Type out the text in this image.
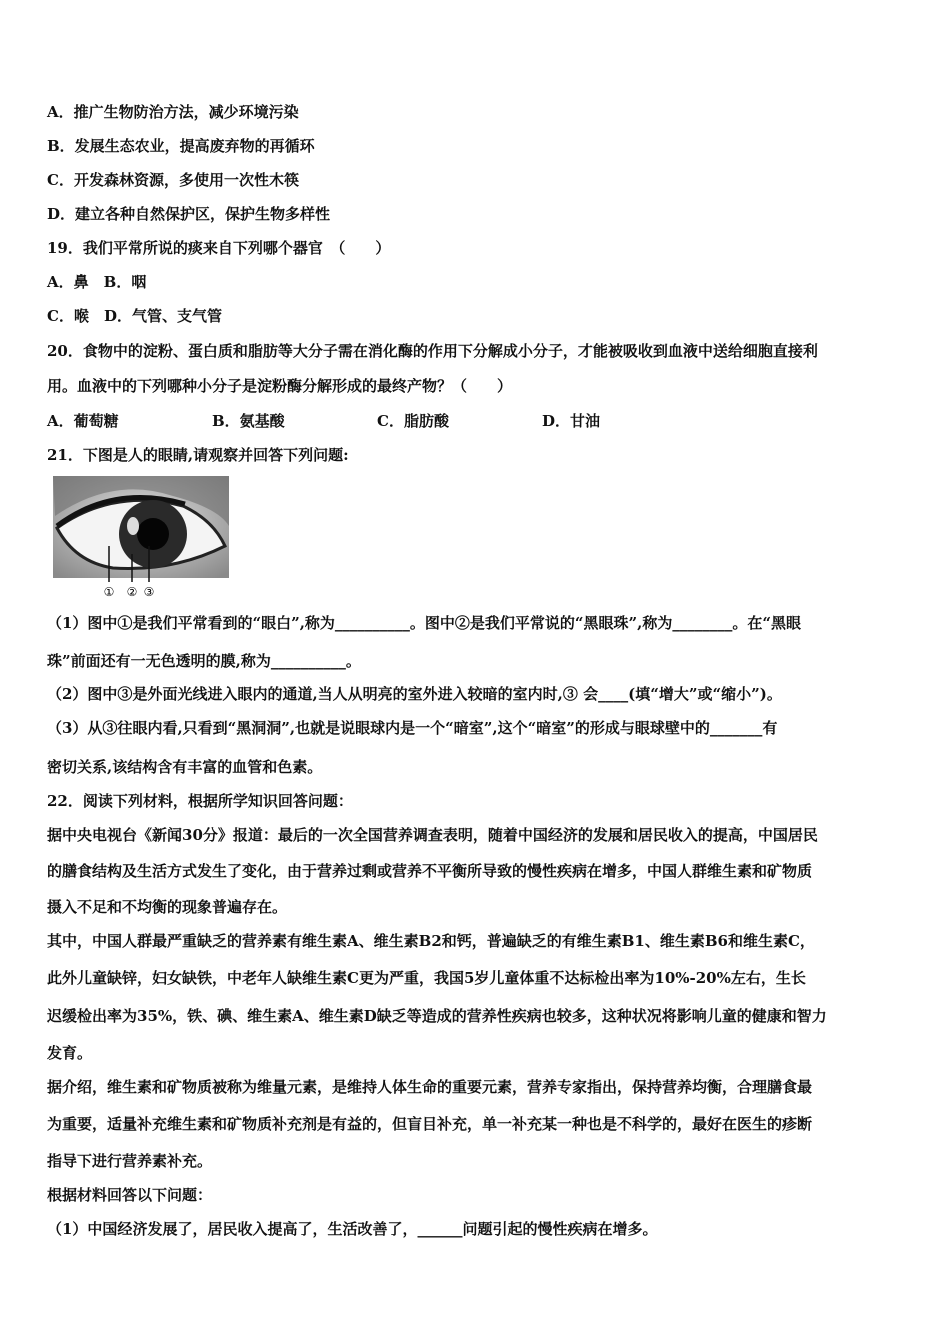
A．推广生物防治方法，减少环境污染
B．发展生态农业，提高废弃物的再循环
C．开发森林资源，多使用一次性木筷
D．建立各种自然保护区，保护生物多样性
19．我们平常所说的痰来自下列哪个器官　（　　）
A．鼻　B．咽
C．喉　D．气管、支气管
20．食物中的淀粉、蛋白质和脂肪等大分子需在消化酶的作用下分解成小分子，才能被吸收到血液中送给细胞直接利
用。血液中的下列哪种小分子是淀粉酶分解形成的最终产物？（　　）
A．葡萄糖	B．氨基酸	C．脂肪酸	D．甘油
21．下图是人的眼睛,请观察并回答下列问题:
① ② ③
（1）图中①是我们平常看到的“眼白”,称为__________。图中②是我们平常说的“黑眼珠”,称为________。在“黑眼
珠”前面还有一无色透明的膜,称为__________。
（2）图中③是外面光线进入眼内的通道,当人从明亮的室外进入较暗的室内时,③ 会____(填“增大”或“缩小”)。
（3）从③往眼内看,只看到“黑洞洞”,也就是说眼球内是一个“暗室”,这个“暗室”的形成与眼球壁中的_______有
密切关系,该结构含有丰富的血管和色素。
22．阅读下列材料，根据所学知识回答问题：
据中央电视台《新闻30分》报道：最后的一次全国营养调查表明，随着中国经济的发展和居民收入的提高，中国居民
的膳食结构及生活方式发生了变化，由于营养过剩或营养不平衡所导致的慢性疾病在增多，中国人群维生素和矿物质
摄入不足和不均衡的现象普遍存在。
其中，中国人群最严重缺乏的营养素有维生素A、维生素B2和钙，普遍缺乏的有维生素B1、维生素B6和维生素C，
此外儿童缺锌，妇女缺铁，中老年人缺维生素C更为严重，我国5岁儿童体重不达标检出率为10%-20%左右，生长
迟缓检出率为35%，铁、碘、维生素A、维生素D缺乏等造成的营养性疾病也较多，这种状况将影响儿童的健康和智力
发育。
据介绍，维生素和矿物质被称为维量元素，是维持人体生命的重要元素，营养专家指出，保持营养均衡，合理膳食最
为重要，适量补充维生素和矿物质补充剂是有益的，但盲目补充，单一补充某一种也是不科学的，最好在医生的疹断
指导下进行营养素补充。
根据材料回答以下问题：
（1）中国经济发展了，居民收入提高了，生活改善了，______问题引起的慢性疾病在增多。
